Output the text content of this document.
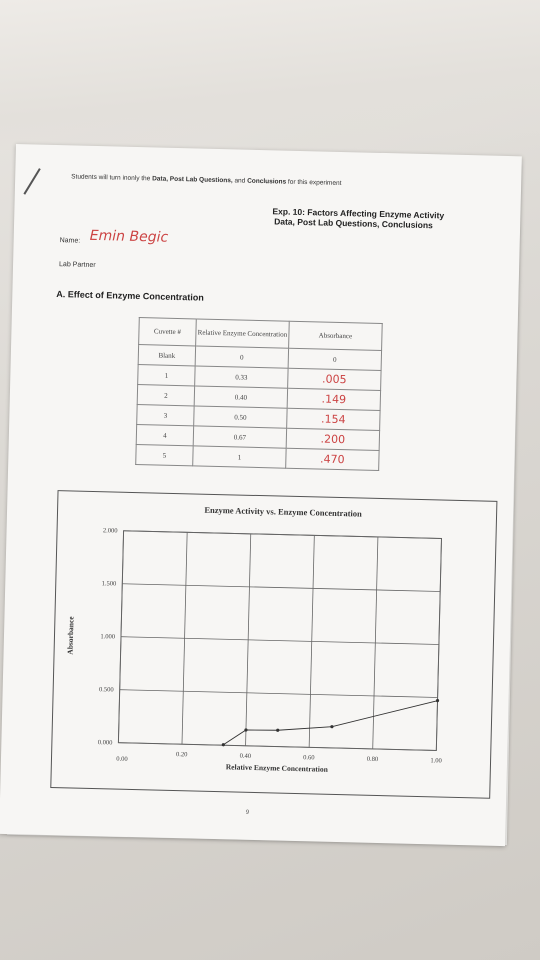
Students will turn inonly the Data, Post Lab Questions, and Conclusions for this experiment
Exp. 10: Factors Affecting Enzyme Activity
Data, Post Lab Questions, Conclusions
Name: Emin Begic
Lab Partner
A. Effect of Enzyme Concentration
Cuvette #	Relative Enzyme Concentration	Absorbance
Blank	0	0
1	0.33	.005
2	0.40	.149
3	0.50	.154
4	0.67	.200
5	1	.470
Enzyme Activity vs. Enzyme Concentration
0.00
0.20	0.40	0.60	0.80	1.00
0.000
0.500
1.000
1.500
2.000
Relative Enzyme Concentration
Absorbance
9
